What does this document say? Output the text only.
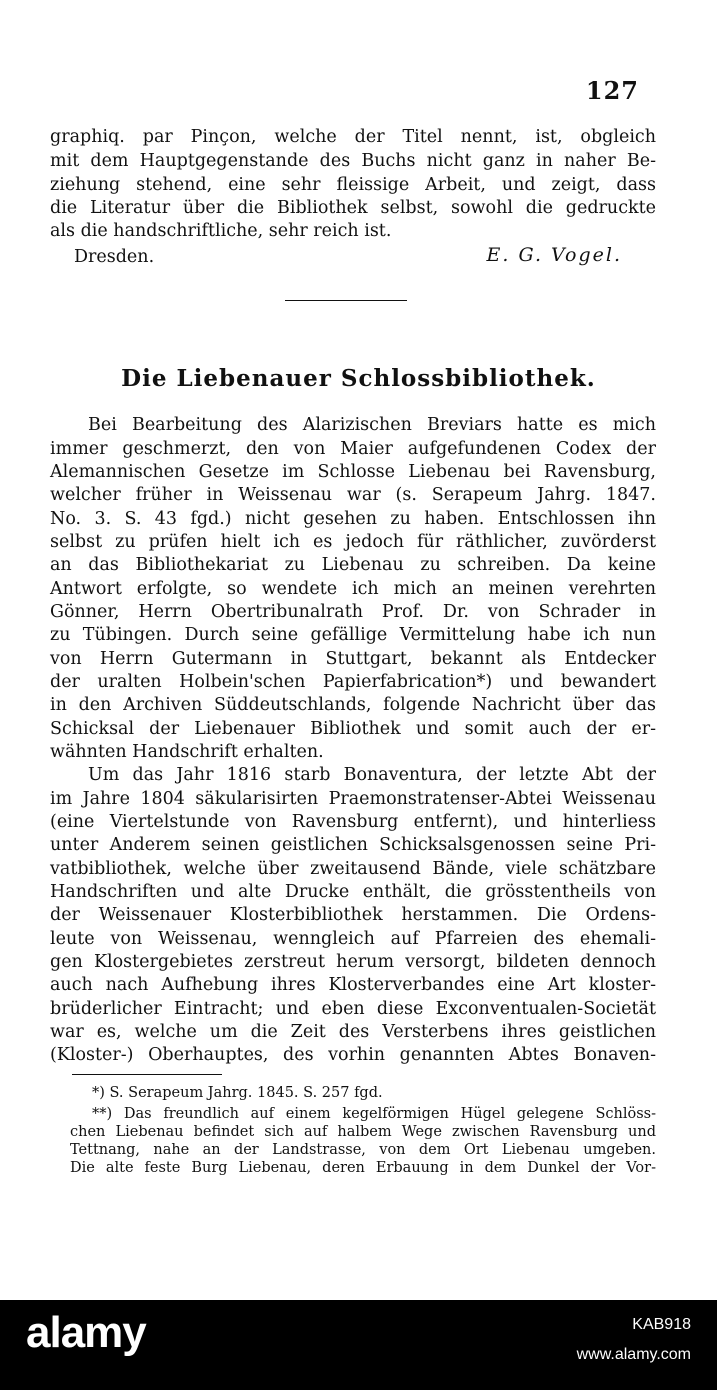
127
graphiq. par Pinçon, welche der Titel nennt, ist, obgleich
mit dem Hauptgegenstande des Buchs nicht ganz in naher Be-
ziehung stehend, eine sehr fleissige Arbeit, und zeigt, dass
die Literatur über die Bibliothek selbst, sowohl die gedruckte
als die handschriftliche, sehr reich ist.
Dresden.	E. G. Vogel.
Die Liebenauer Schlossbibliothek.
Bei Bearbeitung des Alarizischen Breviars hatte es mich
immer geschmerzt, den von Maier aufgefundenen Codex der
Alemannischen Gesetze im Schlosse Liebenau bei Ravensburg,
welcher früher in Weissenau war (s. Serapeum Jahrg. 1847.
No. 3. S. 43 fgd.) nicht gesehen zu haben. Entschlossen ihn
selbst zu prüfen hielt ich es jedoch für räthlicher, zuvörderst
an das Bibliothekariat zu Liebenau zu schreiben. Da keine
Antwort erfolgte, so wendete ich mich an meinen verehrten
Gönner, Herrn Obertribunalrath Prof. Dr. von Schrader in
zu Tübingen. Durch seine gefällige Vermittelung habe ich nun
von Herrn Gutermann in Stuttgart, bekannt als Entdecker
der uralten Holbein'schen Papierfabrication*) und bewandert
in den Archiven Süddeutschlands, folgende Nachricht über das
Schicksal der Liebenauer Bibliothek und somit auch der er-
wähnten Handschrift erhalten.
Um das Jahr 1816 starb Bonaventura, der letzte Abt der
im Jahre 1804 säkularisirten Praemonstratenser-Abtei Weissenau
(eine Viertelstunde von Ravensburg entfernt), und hinterliess
unter Anderem seinen geistlichen Schicksalsgenossen seine Pri-
vatbibliothek, welche über zweitausend Bände, viele schätzbare
Handschriften und alte Drucke enthält, die grösstentheils von
der Weissenauer Klosterbibliothek herstammen. Die Ordens-
leute von Weissenau, wenngleich auf Pfarreien des ehemali-
gen Klostergebietes zerstreut herum versorgt, bildeten dennoch
auch nach Aufhebung ihres Klosterverbandes eine Art kloster-
brüderlicher Eintracht; und eben diese Exconventualen-Societät
war es, welche um die Zeit des Versterbens ihres geistlichen
(Kloster-) Oberhauptes, des vorhin genannten Abtes Bonaven-
*) S. Serapeum Jahrg. 1845. S. 257 fgd.
**) Das freundlich auf einem kegelförmigen Hügel gelegene Schlöss-
chen Liebenau befindet sich auf halbem Wege zwischen Ravensburg und
Tettnang, nahe an der Landstrasse, von dem Ort Liebenau umgeben.
Die alte feste Burg Liebenau, deren Erbauung in dem Dunkel der Vor-
alamy	KAB918
www.alamy.com
